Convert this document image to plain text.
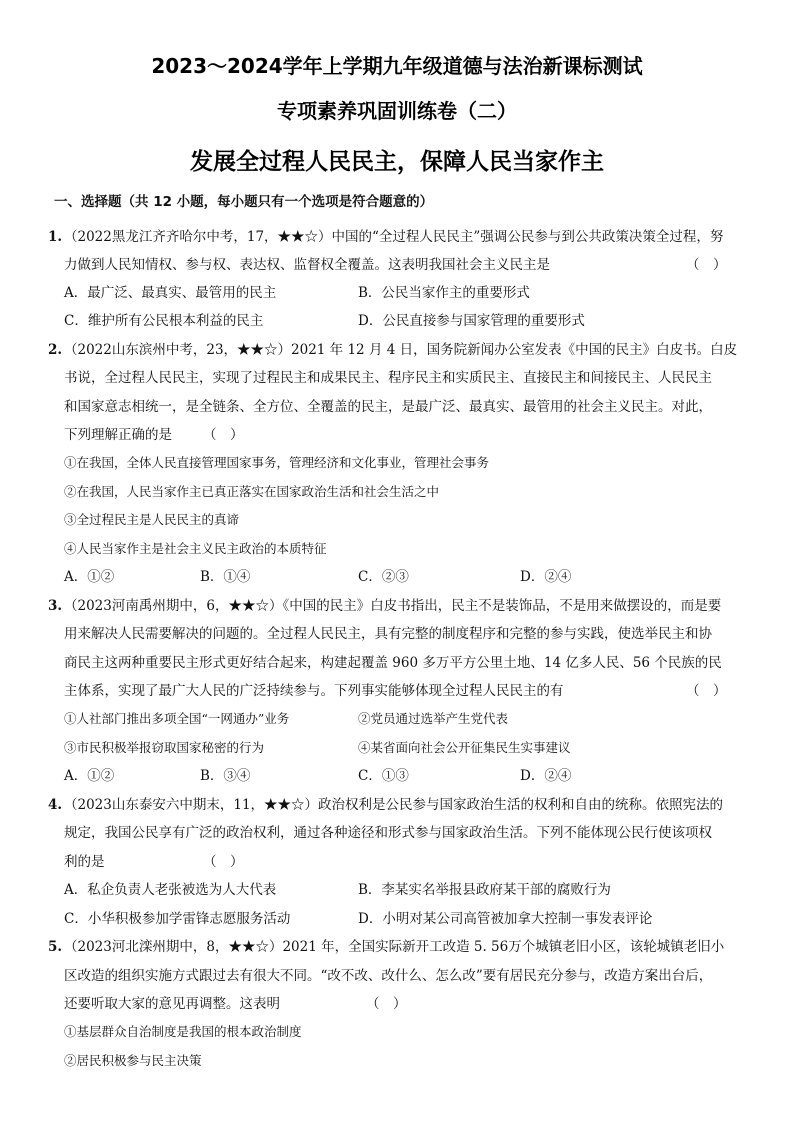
2023～2024学年上学期九年级道德与法治新课标测试
专项素养巩固训练卷（二）
发展全过程人民民主，保障人民当家作主
一、选择题（共 12 小题，每小题只有一个选项是符合题意的）
1. （2022黑龙江齐齐哈尔中考，17，★★☆）中国的“全过程人民民主”强调公民参与到公共政策决策全过程，努
力做到人民知情权、参与权、表达权、监督权全覆盖。这表明我国社会主义民主是	（　）
A．最广泛、最真实、最管用的民主	B．公民当家作主的重要形式
C．维护所有公民根本利益的民主	D．公民直接参与国家管理的重要形式
2. （2022山东滨州中考，23，★★☆）2021 年 12 月 4 日，国务院新闻办公室发表《中国的民主》白皮书。白皮
书说，全过程人民民主，实现了过程民主和成果民主、程序民主和实质民主、直接民主和间接民主、人民民主
和国家意志相统一，是全链条、全方位、全覆盖的民主，是最广泛、最真实、最管用的社会主义民主。对此，
下列理解正确的是	（　）
①在我国，全体人民直接管理国家事务，管理经济和文化事业，管理社会事务
②在我国，人民当家作主已真正落实在国家政治生活和社会生活之中
③全过程民主是人民民主的真谛
④人民当家作主是社会主义民主政治的本质特征
A．①②	B．①④	C．②③	D．②④
3. （2023河南禹州期中，6，★★☆）《中国的民主》白皮书指出，民主不是装饰品，不是用来做摆设的，而是要
用来解决人民需要解决的问题的。全过程人民民主，具有完整的制度程序和完整的参与实践，使选举民主和协
商民主这两种重要民主形式更好结合起来，构建起覆盖 960 多万平方公里土地、14 亿多人民、56 个民族的民
主体系，实现了最广大人民的广泛持续参与。下列事实能够体现全过程人民民主的有	（　）
①人社部门推出多项全国“一网通办”业务	②党员通过选举产生党代表
③市民积极举报窃取国家秘密的行为	④某省面向社会公开征集民生实事建议
A．①②	B．③④	C．①③	D．②④
4. （2023山东泰安六中期末，11，★★☆）政治权利是公民参与国家政治生活的权利和自由的统称。依照宪法的
规定，我国公民享有广泛的政治权利，通过各种途径和形式参与国家政治生活。下列不能体现公民行使该项权
利的是	（　）
A．私企负责人老张被选为人大代表	B．李某实名举报县政府某干部的腐败行为
C．小华积极参加学雷锋志愿服务活动	D．小明对某公司高管被加拿大控制一事发表评论
5. （2023河北滦州期中，8，★★☆）2021 年，全国实际新开工改造 5. 56万个城镇老旧小区，该轮城镇老旧小
区改造的组织实施方式跟过去有很大不同。“改不改、改什么、怎么改”要有居民充分参与，改造方案出台后，
还要听取大家的意见再调整。这表明	（　）
①基层群众自治制度是我国的根本政治制度
②居民积极参与民主决策
